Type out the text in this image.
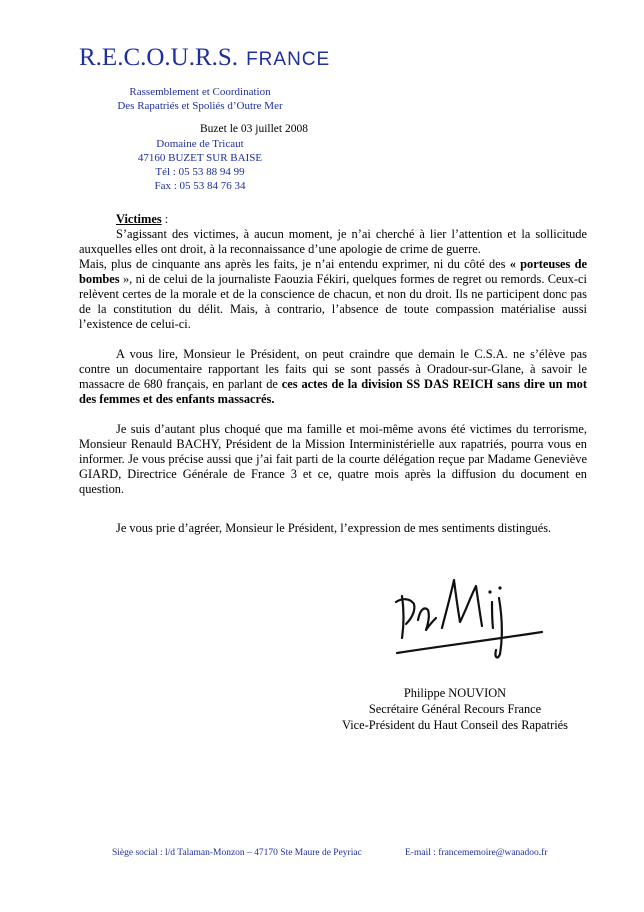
R.E.C.O.U.R.S. FRANCE
Rassemblement et Coordination
Des Rapatriés et Spoliés d’Outre Mer
Buzet le 03 juillet 2008
Domaine de Tricaut
47160 BUZET SUR BAISE
Tél : 05 53 88 94 99
Fax : 05 53 84 76 34

Victimes :

S’agissant des victimes, à aucun moment, je n’ai cherché à lier l’attention et la sollicitude auxquelles elles ont droit, à la reconnaissance d’une apologie de crime de guerre.

Mais, plus de cinquante ans après les faits, je n’ai entendu exprimer, ni du côté des « porteuses de bombes », ni de celui de la journaliste Faouzia Fékiri, quelques formes de regret ou remords. Ceux-ci relèvent certes de la morale et de la conscience de chacun, et non du droit. Ils ne participent donc pas de la constitution du délit. Mais, à contrario, l’absence de toute compassion matérialise aussi l’existence de celui-ci.

A vous lire, Monsieur le Président, on peut craindre que demain le C.S.A. ne s’élève pas contre un documentaire rapportant les faits qui se sont passés à Oradour-sur-Glane, à savoir le massacre de 680 français, en parlant de ces actes de la division SS DAS REICH sans dire un mot des femmes et des enfants massacrés.

Je suis d’autant plus choqué que ma famille et moi-même avons été victimes du terrorisme, Monsieur Renauld BACHY, Président de la Mission Interministérielle aux rapatriés, pourra vous en informer. Je vous précise aussi que j’ai fait parti de la courte délégation reçue par Madame Geneviève GIARD, Directrice Générale de France 3 et ce, quatre mois après la diffusion du document en question.

Je vous prie d’agréer, Monsieur le Président, l’expression de mes sentiments distingués.

Philippe NOUVION
Secrétaire Général Recours France
Vice-Président du Haut Conseil des Rapatriés
Siège social : l/d Talaman-Monzon – 47170 Ste Maure de Peyriac	E-mail : francememoire@wanadoo.fr
